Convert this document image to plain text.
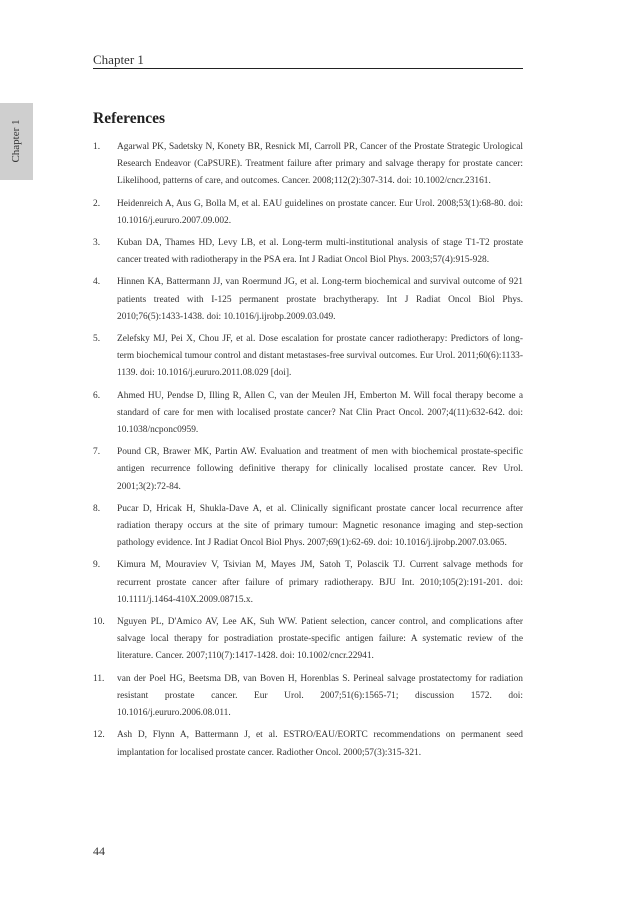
Chapter 1
Chapter 1
References
1. Agarwal PK, Sadetsky N, Konety BR, Resnick MI, Carroll PR, Cancer of the Prostate Strategic Urological Research Endeavor (CaPSURE). Treatment failure after primary and salvage therapy for prostate cancer: Likelihood, patterns of care, and outcomes. Cancer. 2008;112(2):307-314. doi: 10.1002/cncr.23161.
2. Heidenreich A, Aus G, Bolla M, et al. EAU guidelines on prostate cancer. Eur Urol. 2008;53(1):68-80. doi: 10.1016/j.eururo.2007.09.002.
3. Kuban DA, Thames HD, Levy LB, et al. Long-term multi-institutional analysis of stage T1-T2 prostate cancer treated with radiotherapy in the PSA era. Int J Radiat Oncol Biol Phys. 2003;57(4):915-928.
4. Hinnen KA, Battermann JJ, van Roermund JG, et al. Long-term biochemical and survival outcome of 921 patients treated with I-125 permanent prostate brachytherapy. Int J Radiat Oncol Biol Phys. 2010;76(5):1433-1438. doi: 10.1016/j.ijrobp.2009.03.049.
5. Zelefsky MJ, Pei X, Chou JF, et al. Dose escalation for prostate cancer radiotherapy: Predictors of long-term biochemical tumour control and distant metastases-free survival outcomes. Eur Urol. 2011;60(6):1133-1139. doi: 10.1016/j.eururo.2011.08.029 [doi].
6. Ahmed HU, Pendse D, Illing R, Allen C, van der Meulen JH, Emberton M. Will focal therapy become a standard of care for men with localised prostate cancer? Nat Clin Pract Oncol. 2007;4(11):632-642. doi: 10.1038/ncponc0959.
7. Pound CR, Brawer MK, Partin AW. Evaluation and treatment of men with biochemical prostate-specific antigen recurrence following definitive therapy for clinically localised prostate cancer. Rev Urol. 2001;3(2):72-84.
8. Pucar D, Hricak H, Shukla-Dave A, et al. Clinically significant prostate cancer local recurrence after radiation therapy occurs at the site of primary tumour: Magnetic resonance imaging and step-section pathology evidence. Int J Radiat Oncol Biol Phys. 2007;69(1):62-69. doi: 10.1016/j.ijrobp.2007.03.065.
9. Kimura M, Mouraviev V, Tsivian M, Mayes JM, Satoh T, Polascik TJ. Current salvage methods for recurrent prostate cancer after failure of primary radiotherapy. BJU Int. 2010;105(2):191-201. doi: 10.1111/j.1464-410X.2009.08715.x.
10. Nguyen PL, D'Amico AV, Lee AK, Suh WW. Patient selection, cancer control, and complications after salvage local therapy for postradiation prostate-specific antigen failure: A systematic review of the literature. Cancer. 2007;110(7):1417-1428. doi: 10.1002/cncr.22941.
11. van der Poel HG, Beetsma DB, van Boven H, Horenblas S. Perineal salvage prostatectomy for radiation resistant prostate cancer. Eur Urol. 2007;51(6):1565-71; discussion 1572. doi: 10.1016/j.eururo.2006.08.011.
12. Ash D, Flynn A, Battermann J, et al. ESTRO/EAU/EORTC recommendations on permanent seed implantation for localised prostate cancer. Radiother Oncol. 2000;57(3):315-321.
44
